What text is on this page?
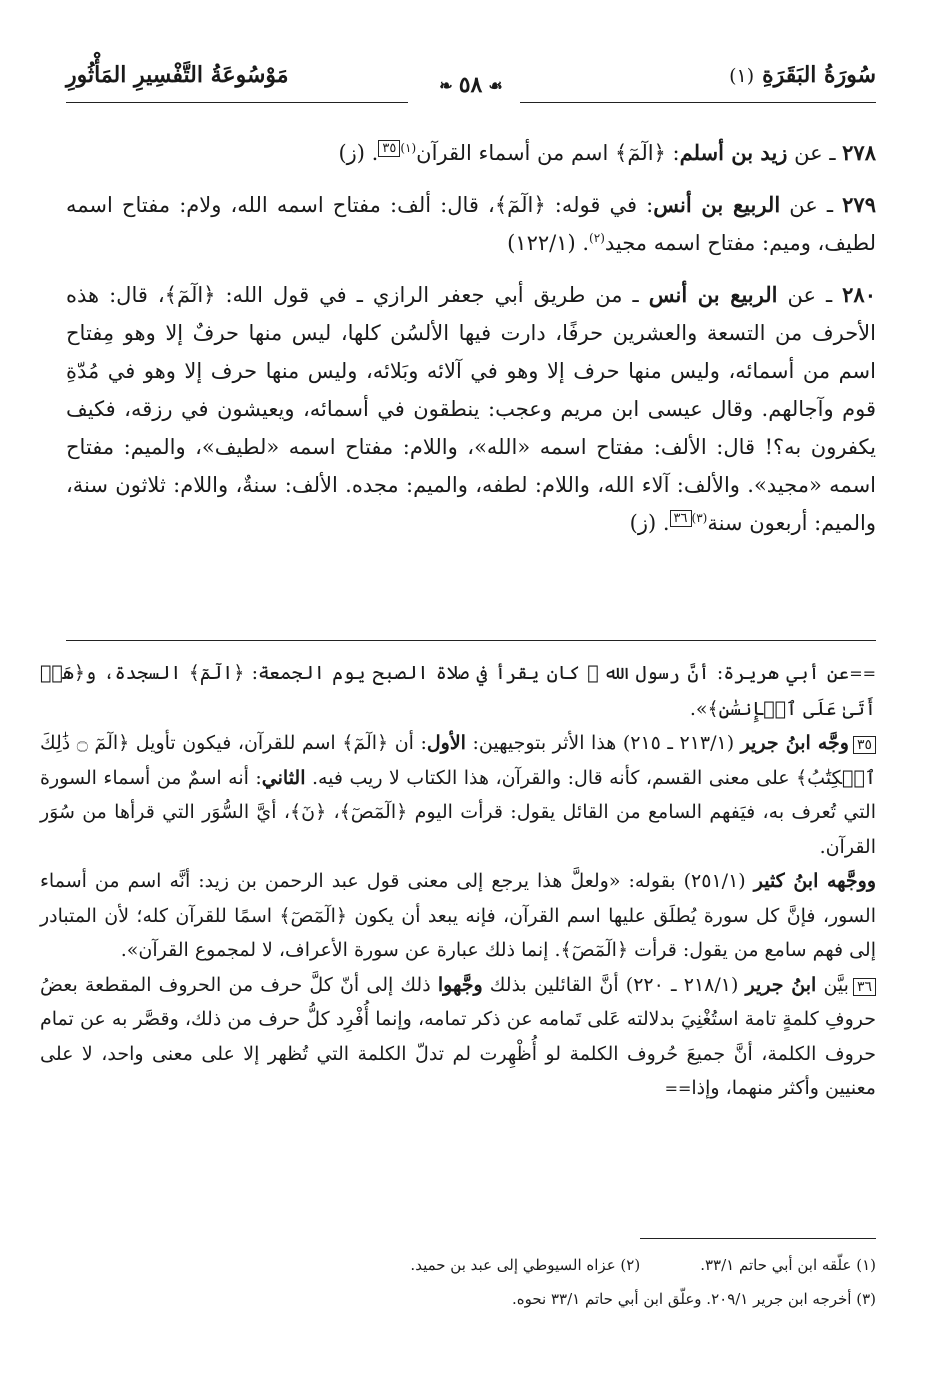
سُورَةُ البَقَرَةِ(١)
❧ ٥٨ ☙
مَوْسُوعَةُ التَّفْسِيرِ المَأْثُورِ

٢٧٨ ـ عن زيد بن أسلم: ﴿الٓمٓ﴾ اسم من أسماء القرآن$^{(١)}$٣٥. (ز)

٢٧٩ ـ عن الربيع بن أنس: في قوله: ﴿الٓمٓ﴾، قال: ألف: مفتاح اسمه الله، ولام: مفتاح اسمه لطيف، وميم: مفتاح اسمه مجيد$^{(٢)}$. (١٢٢/١)

٢٨٠ ـ عن الربيع بن أنس ـ من طريق أبي جعفر الرازي ـ في قول الله: ﴿الٓمٓ﴾، قال: هذه الأحرف من التسعة والعشرين حرفًا، دارت فيها الألسُن كلها، ليس منها حرفٌ إلا وهو مِفتاح اسم من أسمائه، وليس منها حرف إلا وهو في آلائه وبَلائه، وليس منها حرف إلا وهو في مُدّةِ قوم وآجالهم. وقال عيسى ابن مريم وعجب: ينطقون في أسمائه، ويعيشون في رزقه، فكيف يكفرون به؟! قال: الألف: مفتاح اسمه «الله»، واللام: مفتاح اسمه «لطيف»، والميم: مفتاح اسمه «مجيد». والألف: آلاء الله، واللام: لطفه، والميم: مجده. الألف: سنةٌ، واللام: ثلاثون سنة، والميم: أربعون سنة$^{(٣)}$٣٦. (ز)

==عن أبي هريرة: أنَّ رسول الله ﷺ كان يقرأ في صلاة الصبح يوم الجمعة: ﴿الٓمٓ﴾ السجدة، و﴿هَلۡ أَتَىٰ عَلَى ٱلۡإِنسَٰنِ﴾».

٣٥وجَّه ابنُ جرير (٢١٣/١ ـ ٢١٥) هذا الأثر بتوجيهين: الأول: أن ﴿الٓمٓ﴾ اسم للقرآن، فيكون تأويل ﴿الٓمٓ ۝ ذَٰلِكَ ٱلۡكِتَٰبُ﴾ على معنى القسم، كأنه قال: والقرآن، هذا الكتاب لا ريب فيه. الثاني: أنه اسمٌ من أسماء السورة التي تُعرف به، فيَفهم السامع من القائل يقول: قرأت اليوم ﴿الٓمٓصٓ﴾، ﴿نٓ﴾، أيَّ السُّوَر التي قرأها من سُوَر القرآن.

ووجَّهه ابنُ كثير (٢٥١/١) بقوله: «ولعلَّ هذا يرجع إلى معنى قول عبد الرحمن بن زيد: أنَّه اسم من أسماء السور، فإنَّ كل سورة يُطلَق عليها اسم القرآن، فإنه يبعد أن يكون ﴿الٓمٓصٓ﴾ اسمًا للقرآن كله؛ لأن المتبادر إلى فهم سامع من يقول: قرأت ﴿الٓمٓصٓ﴾. إنما ذلك عبارة عن سورة الأعراف، لا لمجموع القرآن».

٣٦بيَّن ابنُ جرير (٢١٨/١ ـ ٢٢٠) أنَّ القائلين بذلك وجَّهوا ذلك إلى أنّ كلَّ حرف من الحروف المقطعة بعضُ حروفِ كلمةٍ تامة استُغْنِيَ بدلالته عَلى تَمامه عن ذكر تمامه، وإنما أُفْرِد كلُّ حرف من ذلك، وقصَّر به عن تمام حروف الكلمة، أنَّ جميعَ حُروف الكلمة لو أُظْهِرت لم تدلّ الكلمة التي تُظهر إلا على معنى واحد، لا على معنيين وأكثر منهما، وإذا==

(١) علّقه ابن أبي حاتم ٣٣/١.
(٢) عزاه السيوطي إلى عبد بن حميد.
(٣) أخرجه ابن جرير ٢٠٩/١. وعلّق ابن أبي حاتم ٣٣/١ نحوه.
